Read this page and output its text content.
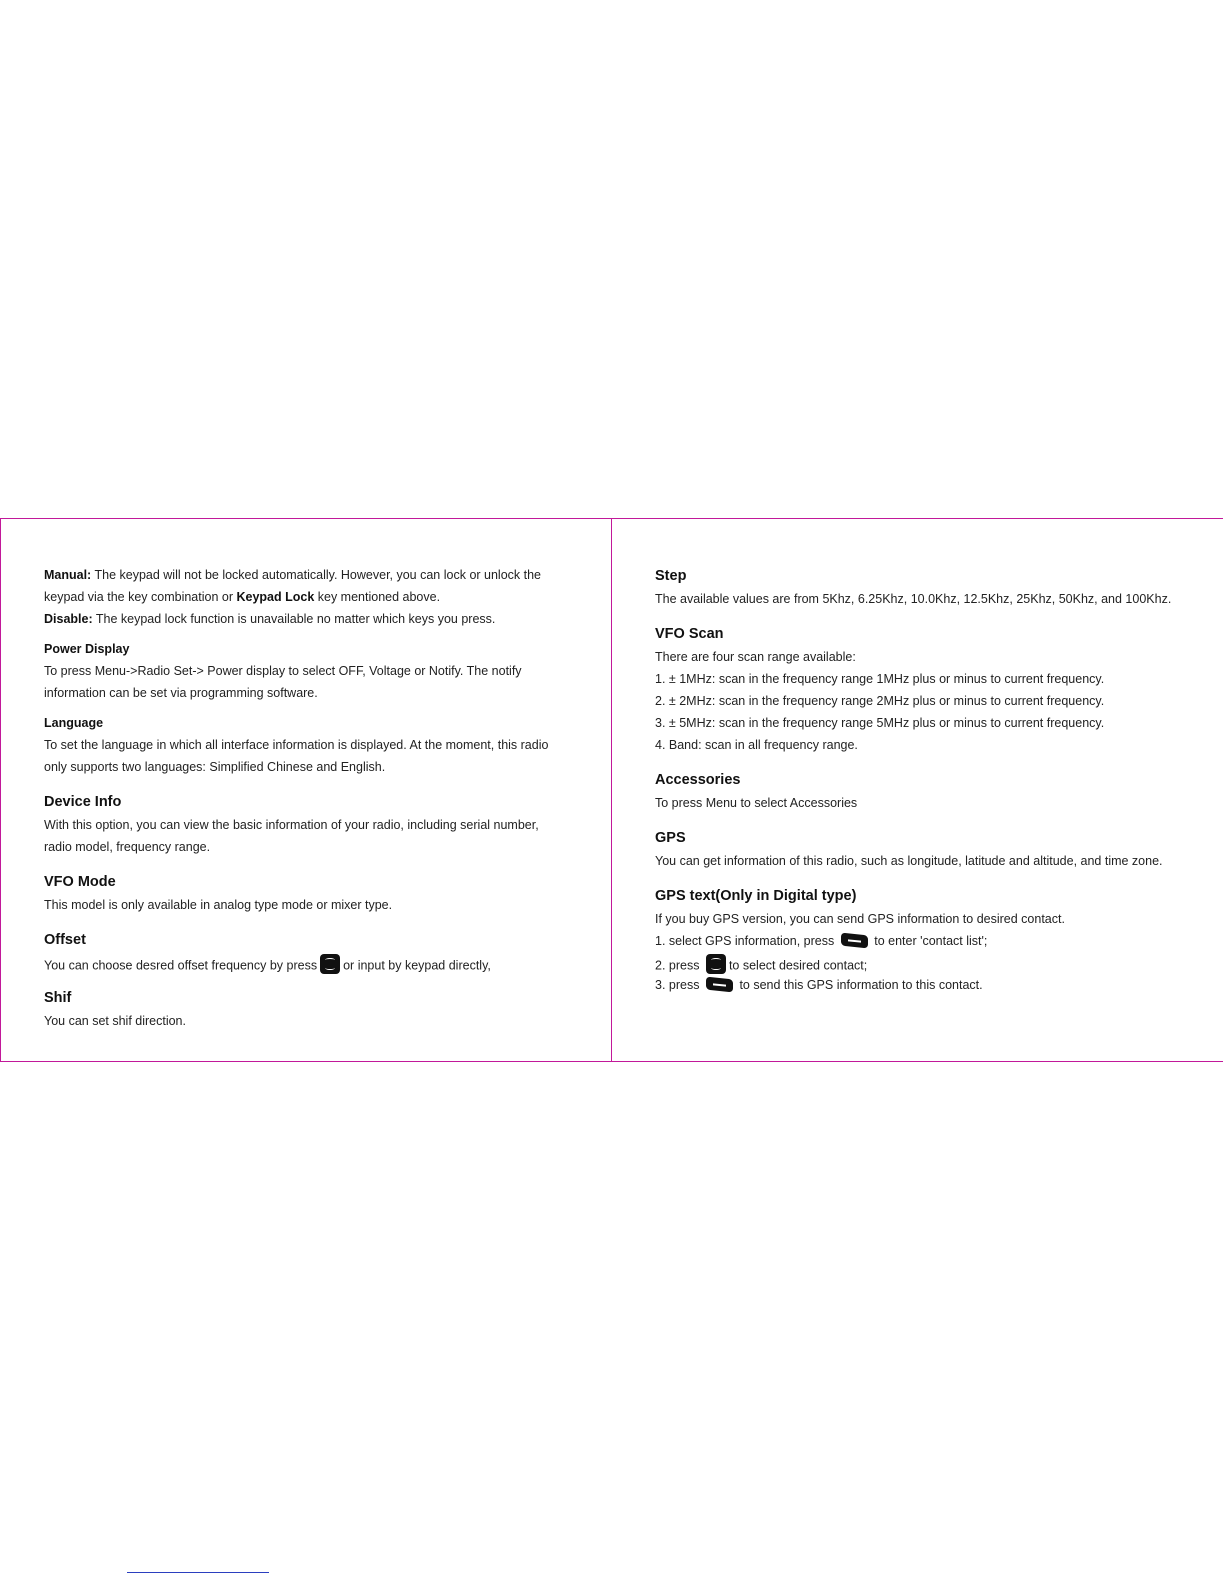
Manual: The keypad will not be locked automatically. However, you can lock or unlock the
keypad via the key combination or Keypad Lock key mentioned above.
Disable: The keypad lock function is unavailable no matter which keys you press.
Power Display
To press Menu->Radio Set-> Power display to select OFF, Voltage or Notify. The notify
information can be set via programming software.
Language
To set the language in which all interface information is displayed. At the moment, this radio
only supports two languages: Simplified Chinese and English.
Device Info
With this option, you can view the basic information of your radio, including serial number,
radio model, frequency range.
VFO Mode
This model is only available in analog type mode or mixer type.
Offset
You can choose desred offset frequency by press or input by keypad directly,
Shif
You can set shif direction.
Step
The available values are from 5Khz, 6.25Khz, 10.0Khz, 12.5Khz, 25Khz, 50Khz, and 100Khz.
VFO Scan
There are four scan range available:
1. ± 1MHz: scan in the frequency range 1MHz plus or minus to current frequency.
2. ± 2MHz: scan in the frequency range 2MHz plus or minus to current frequency.
3. ± 5MHz: scan in the frequency range 5MHz plus or minus to current frequency.
4. Band: scan in all frequency range.
Accessories
To press Menu to select Accessories
GPS
You can get information of this radio, such as longitude, latitude and altitude, and time zone.
GPS text(Only in Digital type)
If you buy GPS version, you can send GPS information to desired contact.
1. select GPS information, press	to enter 'contact list';
2. press to select desired contact;
3. press	to send this GPS information to this contact.
